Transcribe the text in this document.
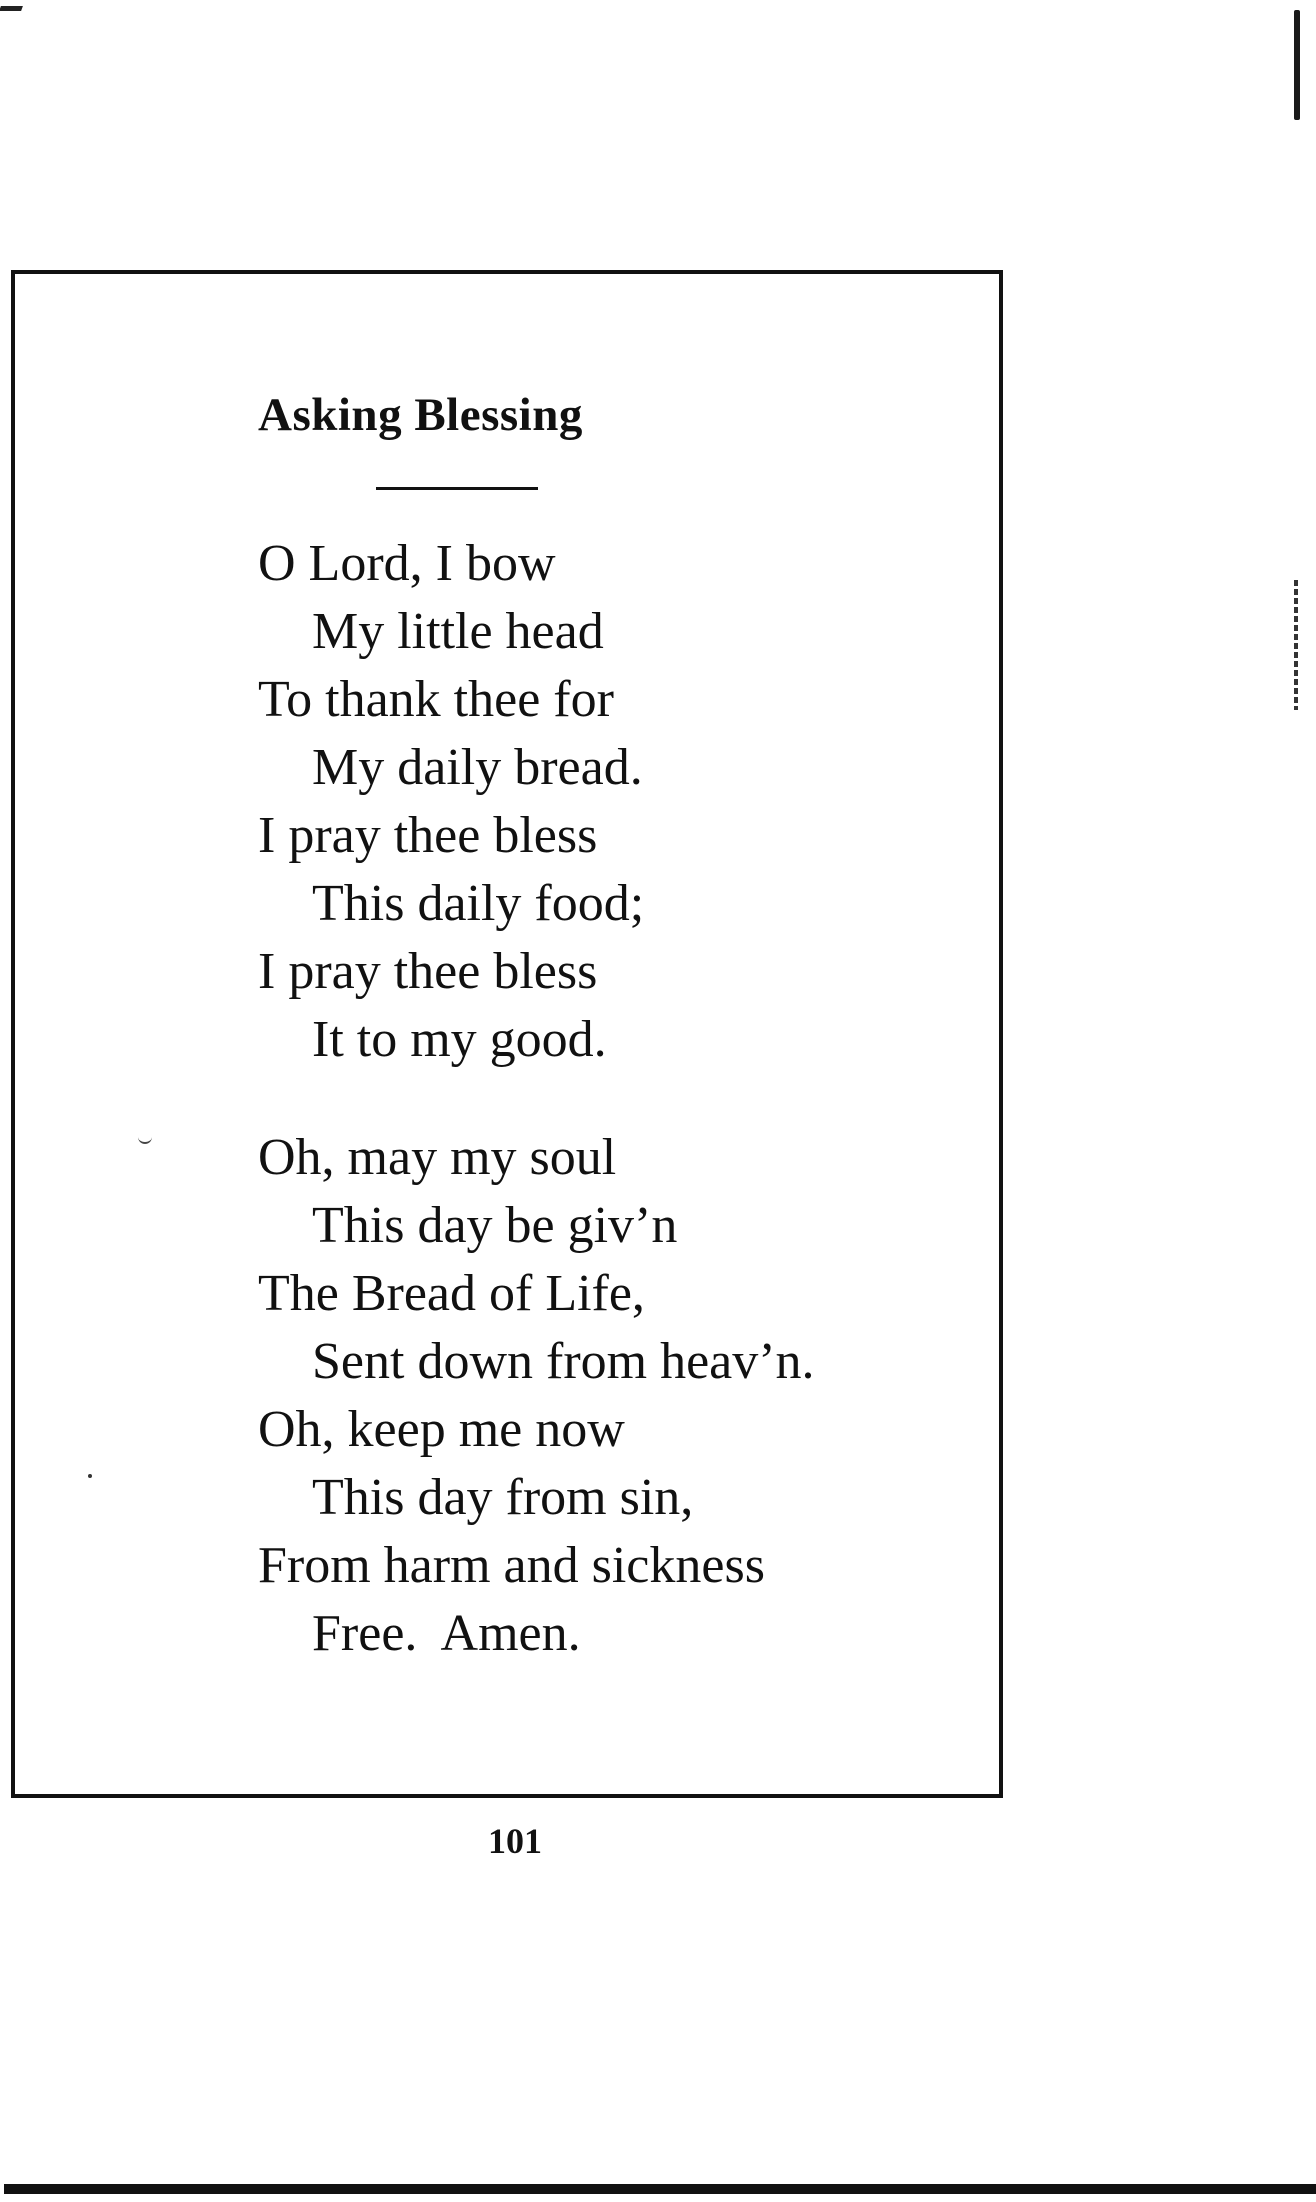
Asking Blessing
O Lord, I bow
My little head
To thank thee for
My daily bread.
I pray thee bless
This daily food;
I pray thee bless
It to my good.
Oh, may my soul
This day be giv’n
The Bread of Life,
Sent down from heav’n.
Oh, keep me now
This day from sin,
From harm and sickness
Free.  Amen.
101
